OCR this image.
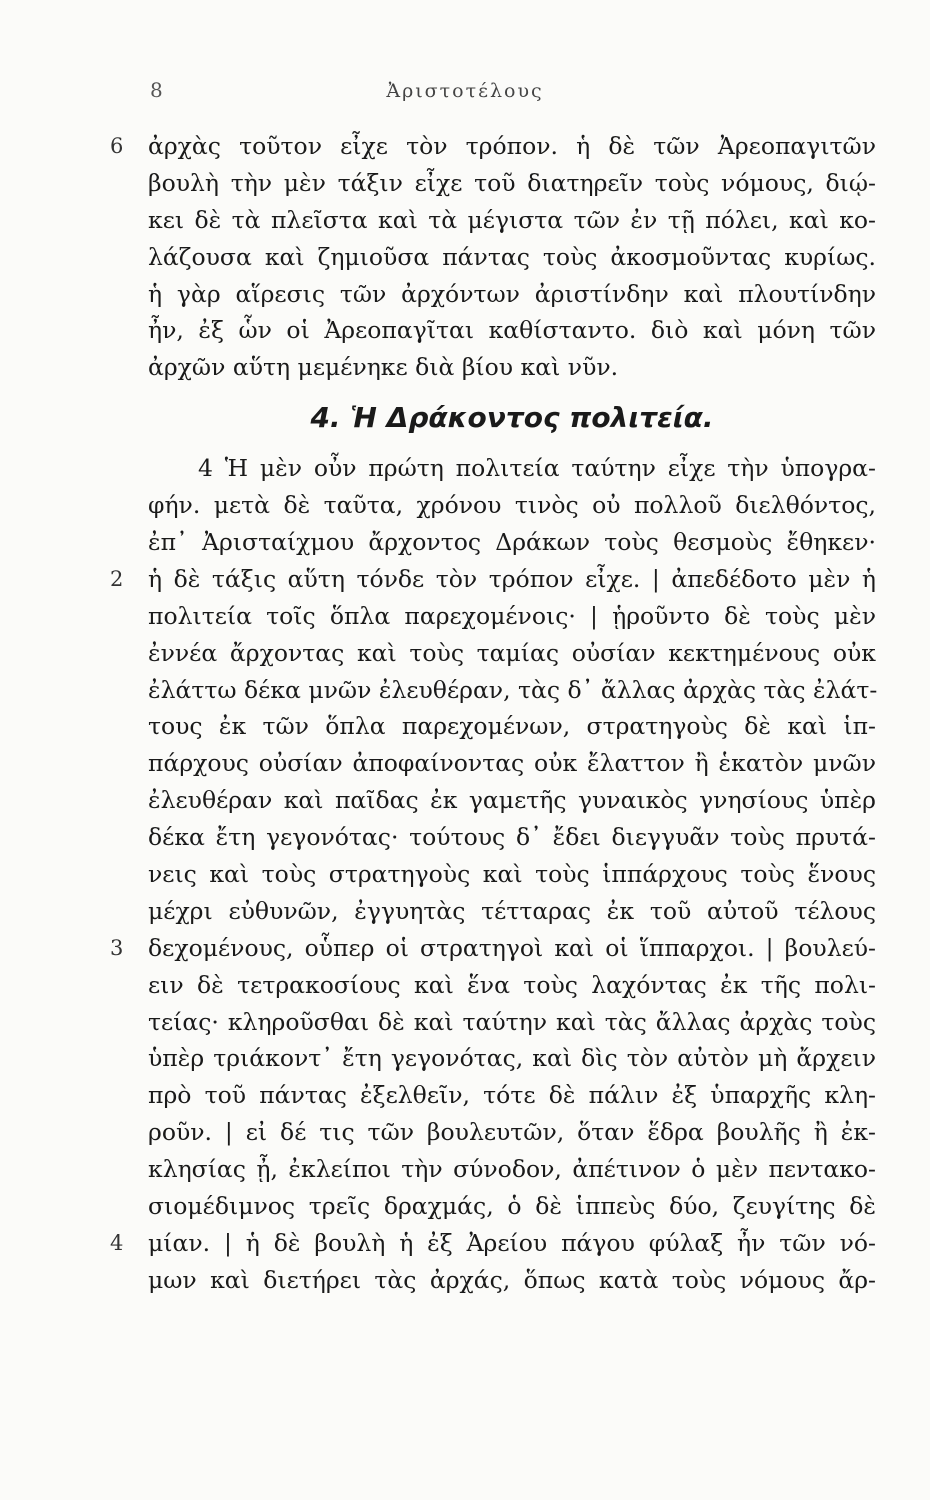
8	Ἀριστοτέλους
6 ἀρχὰς τοῦτον εἶχε τὸν τρόπον. ἡ δὲ τῶν Ἀρεοπαγιτῶν
βουλὴ τὴν μὲν τάξιν εἶχε τοῦ διατηρεῖν τοὺς νόμους, διῴ-
κει δὲ τὰ πλεῖστα καὶ τὰ μέγιστα τῶν ἐν τῇ πόλει, καὶ κο-
λάζουσα καὶ ζημιοῦσα πάντας τοὺς ἀκοσμοῦντας κυρίως.
ἡ γὰρ αἵρεσις τῶν ἀρχόντων ἀριστίνδην καὶ πλουτίνδην
ἦν, ἐξ ὧν οἱ Ἀρεοπαγῖται καθίσταντο. διὸ καὶ μόνη τῶν
ἀρχῶν αὕτη μεμένηκε διὰ βίου καὶ νῦν.
4. Ἡ Δράκοντος πολιτεία.
4 Ἡ μὲν οὖν πρώτη πολιτεία ταύτην εἶχε τὴν ὑπογρα-
φήν. μετὰ δὲ ταῦτα, χρόνου τινὸς οὐ πολλοῦ διελθόντος,
ἐπ᾽ Ἀρισταίχμου ἄρχοντος Δράκων τοὺς θεσμοὺς ἔθηκεν·
2 ἡ δὲ τάξις αὕτη τόνδε τὸν τρόπον εἶχε. | ἀπεδέδοτο μὲν ἡ
πολιτεία τοῖς ὅπλα παρεχομένοις· | ᾑροῦντο δὲ τοὺς μὲν
ἐννέα ἄρχοντας καὶ τοὺς ταμίας οὐσίαν κεκτημένους οὐκ
ἐλάττω δέκα μνῶν ἐλευθέραν, τὰς δ᾽ ἄλλας ἀρχὰς τὰς ἐλάτ-
τους ἐκ τῶν ὅπλα παρεχομένων, στρατηγοὺς δὲ καὶ ἱπ-
πάρχους οὐσίαν ἀποφαίνοντας οὐκ ἔλαττον ἢ ἑκατὸν μνῶν
ἐλευθέραν καὶ παῖδας ἐκ γαμετῆς γυναικὸς γνησίους ὑπὲρ
δέκα ἔτη γεγονότας· τούτους δ᾽ ἔδει διεγγυᾶν τοὺς πρυτά-
νεις καὶ τοὺς στρατηγοὺς καὶ τοὺς ἱππάρχους τοὺς ἕνους
μέχρι εὐθυνῶν, ἐγγυητὰς τέτταρας ἐκ τοῦ αὐτοῦ τέλους
3 δεχομένους, οὗπερ οἱ στρατηγοὶ καὶ οἱ ἵππαρχοι. | βουλεύ-
ειν δὲ τετρακοσίους καὶ ἕνα τοὺς λαχόντας ἐκ τῆς πολι-
τείας· κληροῦσθαι δὲ καὶ ταύτην καὶ τὰς ἄλλας ἀρχὰς τοὺς
ὑπὲρ τριάκοντ᾽ ἔτη γεγονότας, καὶ δὶς τὸν αὐτὸν μὴ ἄρχειν
πρὸ τοῦ πάντας ἐξελθεῖν, τότε δὲ πάλιν ἐξ ὑπαρχῆς κλη-
ροῦν. | εἰ δέ τις τῶν βουλευτῶν, ὅταν ἕδρα βουλῆς ἢ ἐκ-
κλησίας ᾖ, ἐκλείποι τὴν σύνοδον, ἀπέτινον ὁ μὲν πεντακο-
σιομέδιμνος τρεῖς δραχμάς, ὁ δὲ ἱππεὺς δύο, ζευγίτης δὲ
4 μίαν. | ἡ δὲ βουλὴ ἡ ἐξ Ἀρείου πάγου φύλαξ ἦν τῶν νό-
μων καὶ διετήρει τὰς ἀρχάς, ὅπως κατὰ τοὺς νόμους ἄρ-
